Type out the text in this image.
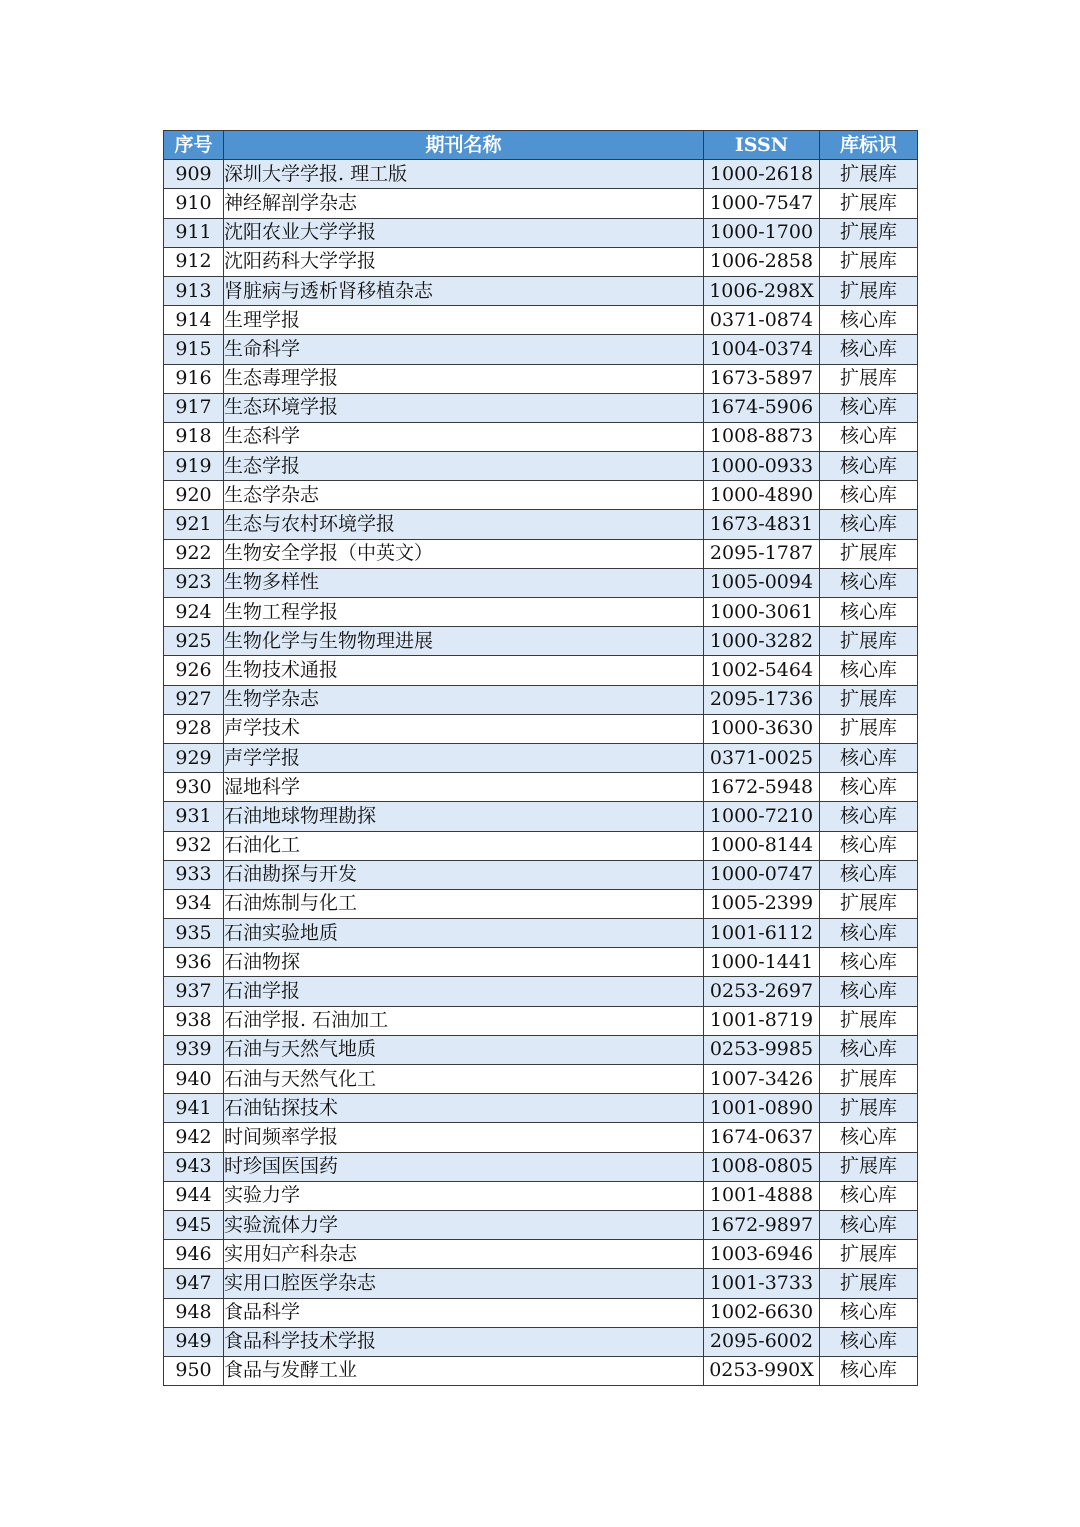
序号	期刊名称	ISSN	库标识
909	深圳大学学报. 理工版	1000-2618	扩展库
910	神经解剖学杂志	1000-7547	扩展库
911	沈阳农业大学学报	1000-1700	扩展库
912	沈阳药科大学学报	1006-2858	扩展库
913	肾脏病与透析肾移植杂志	1006-298X	扩展库
914	生理学报	0371-0874	核心库
915	生命科学	1004-0374	核心库
916	生态毒理学报	1673-5897	扩展库
917	生态环境学报	1674-5906	核心库
918	生态科学	1008-8873	核心库
919	生态学报	1000-0933	核心库
920	生态学杂志	1000-4890	核心库
921	生态与农村环境学报	1673-4831	核心库
922	生物安全学报（中英文）	2095-1787	扩展库
923	生物多样性	1005-0094	核心库
924	生物工程学报	1000-3061	核心库
925	生物化学与生物物理进展	1000-3282	扩展库
926	生物技术通报	1002-5464	核心库
927	生物学杂志	2095-1736	扩展库
928	声学技术	1000-3630	扩展库
929	声学学报	0371-0025	核心库
930	湿地科学	1672-5948	核心库
931	石油地球物理勘探	1000-7210	核心库
932	石油化工	1000-8144	核心库
933	石油勘探与开发	1000-0747	核心库
934	石油炼制与化工	1005-2399	扩展库
935	石油实验地质	1001-6112	核心库
936	石油物探	1000-1441	核心库
937	石油学报	0253-2697	核心库
938	石油学报. 石油加工	1001-8719	扩展库
939	石油与天然气地质	0253-9985	核心库
940	石油与天然气化工	1007-3426	扩展库
941	石油钻探技术	1001-0890	扩展库
942	时间频率学报	1674-0637	核心库
943	时珍国医国药	1008-0805	扩展库
944	实验力学	1001-4888	核心库
945	实验流体力学	1672-9897	核心库
946	实用妇产科杂志	1003-6946	扩展库
947	实用口腔医学杂志	1001-3733	扩展库
948	食品科学	1002-6630	核心库
949	食品科学技术学报	2095-6002	核心库
950	食品与发酵工业	0253-990X	核心库
